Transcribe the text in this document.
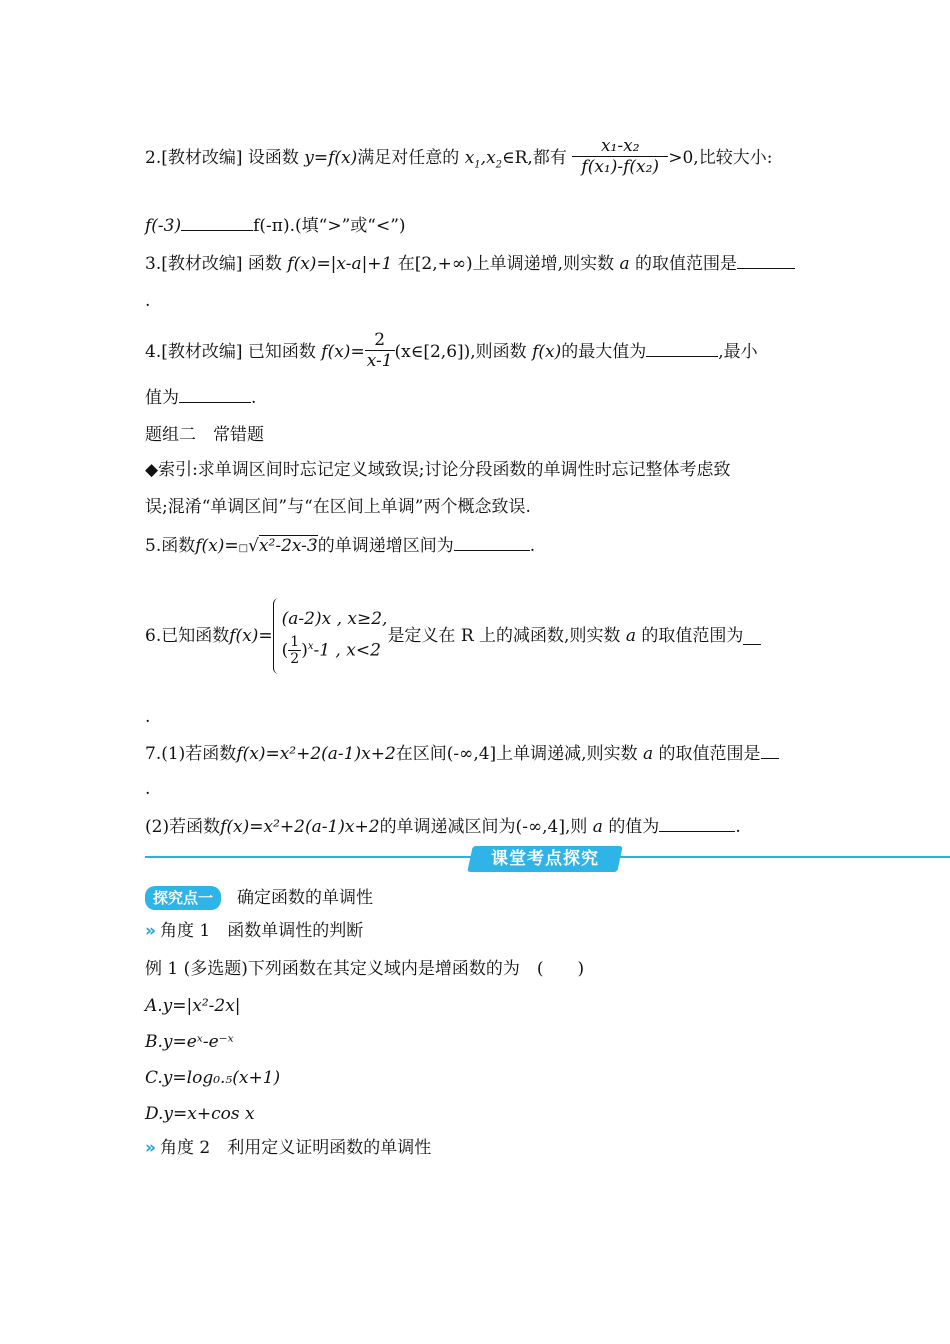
2.[教材改编] 设函数 y=f(x)满足对任意的 $x_1,x_2\in R$,都有 $\frac{\text{x₁-x₂}}{\text{f(x₁)-f(x₂)}} >0$,比较大小:
f(-3)	f(-π).(填“>”或“<”)
3.[教材改编] 函数 f(x)=|x-a|+1 在[2,+∞)上单调递增,则实数 a 的取值范围是
.
4.[教材改编] 已知函数 $f(x)= \frac{2}{x-1}$ (x∈[2,6]),则函数 f(x)的最大值为	,最小
值为	.
题组二　常错题
◆索引:求单调区间时忘记定义域致误;讨论分段函数的单调性时忘记整体考虑致
误;混淆“单调区间”与“在区间上单调”两个概念致误.
5.函数f(x)=□√x²-2x-3的单调递增区间为	.
6.已知函数f(x)=
(a-2)x , x≥2,
( $\frac{1}{2} )^x-1$ , x<2
是定义在 R 上的减函数,则实数 a 的取值范围为
.
7.(1)若函数f(x)=x²+2(a-1)x+2在区间(-∞,4]上单调递减,则实数 a 的取值范围是
.
(2)若函数f(x)=x²+2(a-1)x+2的单调递减区间为(-∞,4],则 a 的值为	.
课堂考点探究
探究点一 确定函数的单调性
» 角度 1　函数单调性的判断
例 1 (多选题)下列函数在其定义域内是增函数的为　(　　)
A.y=|x²-2x|
B.y=eˣ-e⁻ˣ
C.y=log₀.₅(x+1)
D.y=x+cos x
» 角度 2　利用定义证明函数的单调性
